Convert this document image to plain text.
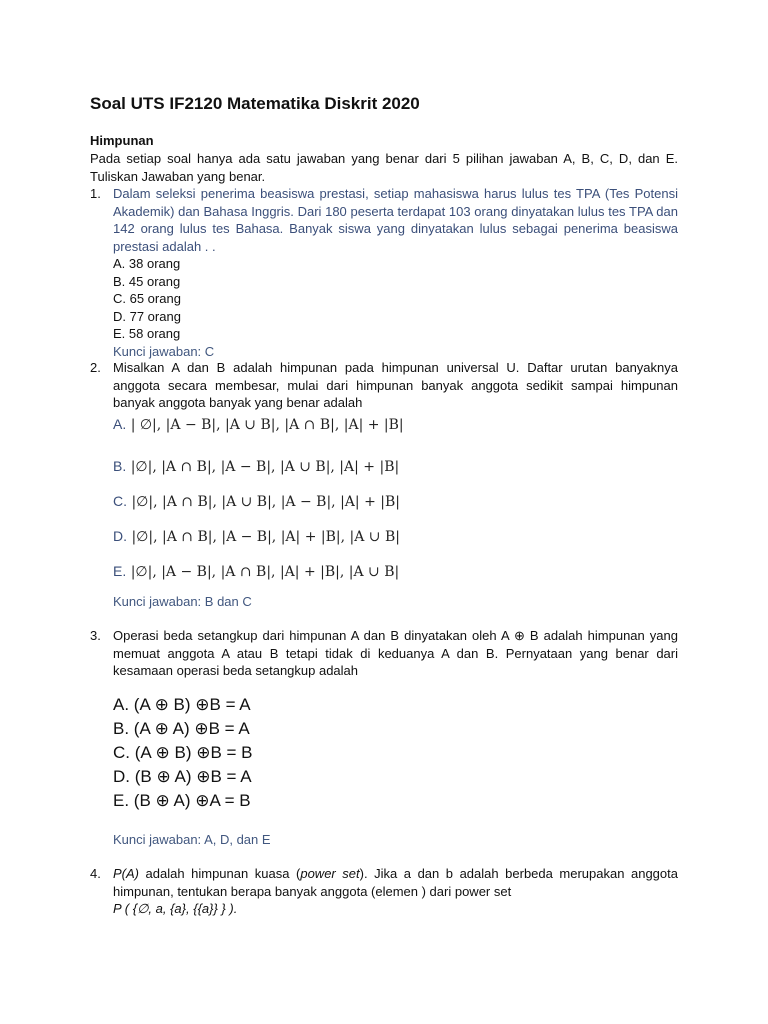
Soal UTS IF2120 Matematika Diskrit 2020
Himpunan
Pada setiap soal hanya ada satu jawaban yang benar dari 5 pilihan jawaban A, B, C, D, dan E. Tuliskan Jawaban yang benar.
1. Dalam seleksi penerima beasiswa prestasi, setiap mahasiswa harus lulus tes TPA (Tes Potensi Akademik) dan Bahasa Inggris. Dari 180 peserta terdapat 103 orang dinyatakan lulus tes TPA dan 142 orang lulus tes Bahasa. Banyak siswa yang dinyatakan lulus sebagai penerima beasiswa prestasi adalah . .
A. 38 orang
B. 45 orang
C. 65 orang
D. 77 orang
E. 58 orang
Kunci jawaban: C
2. Misalkan A dan B adalah himpunan pada himpunan universal U. Daftar urutan banyaknya anggota secara membesar, mulai dari himpunan banyak anggota sedikit sampai himpunan banyak anggota banyak yang benar adalah
A. | ∅|, |A − B|, |A ∪ B|, |A ∩ B|, |A| + |B|
B. |∅|, |A ∩ B|, |A − B|, |A ∪ B|, |A| + |B|
C. |∅|, |A ∩ B|, |A ∪ B|, |A − B|, |A| + |B|
D. |∅|, |A ∩ B|, |A − B|, |A| + |B|, |A ∪ B|
E. |∅|, |A − B|, |A ∩ B|, |A| + |B|, |A ∪ B|
Kunci jawaban: B dan C
3. Operasi beda setangkup dari himpunan A dan B dinyatakan oleh A ⊕ B adalah himpunan yang memuat anggota A atau B tetapi tidak di keduanya A dan B. Pernyataan yang benar dari kesamaan operasi beda setangkup adalah
A. (A ⊕ B) ⊕B = A
B. (A ⊕ A) ⊕B = A
C. (A ⊕ B) ⊕B = B
D. (B ⊕ A) ⊕B = A
E. (B ⊕ A) ⊕A = B
Kunci jawaban: A, D, dan E
4. P(A) adalah himpunan kuasa (power set). Jika a dan b adalah berbeda merupakan anggota himpunan, tentukan berapa banyak anggota (elemen ) dari power set
P ( {∅, a, {a}, {{a}} } ).
